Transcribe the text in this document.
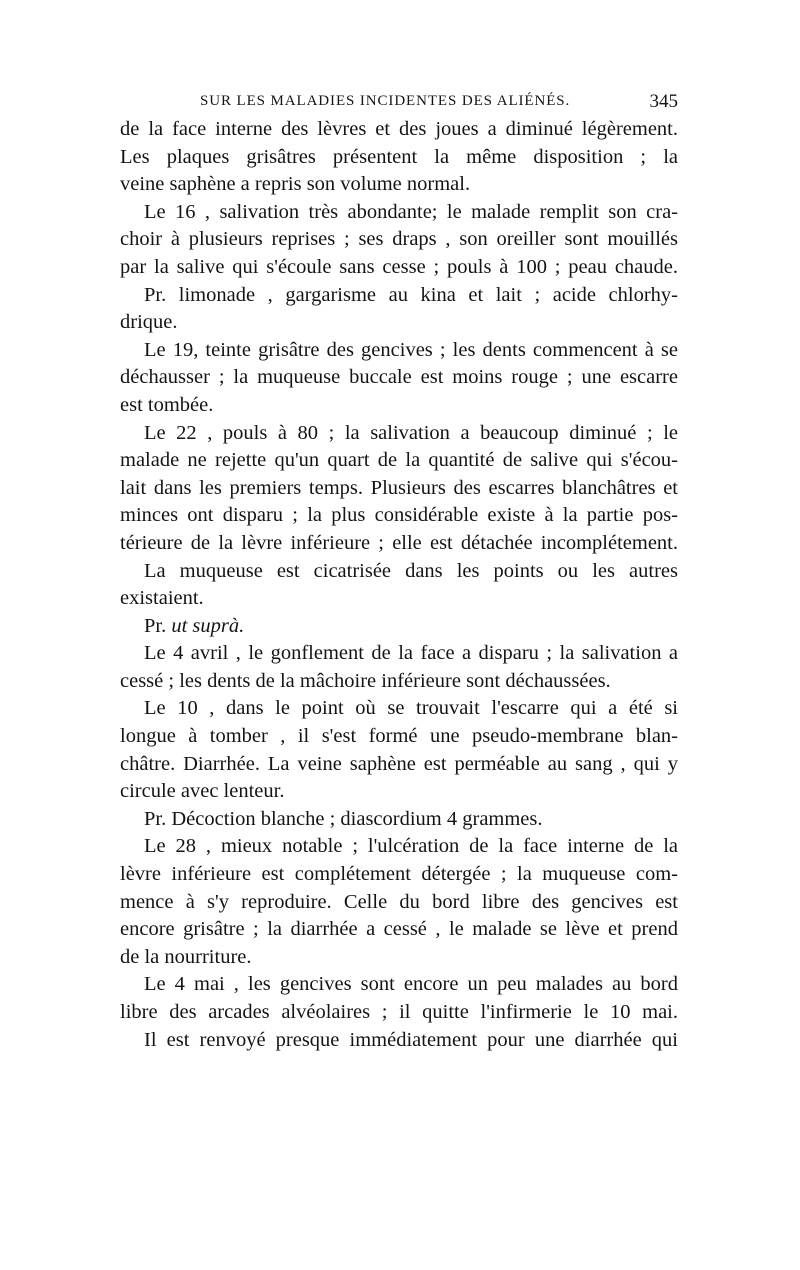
SUR LES MALADIES INCIDENTES DES ALIÉNÉS.	345
de la face interne des lèvres et des joues a diminué légèrement.
Les plaques grisâtres présentent la même disposition ; la
veine saphène a repris son volume normal.
Le 16 , salivation très abondante; le malade remplit son cra-
choir à plusieurs reprises ; ses draps , son oreiller sont mouillés
par la salive qui s'écoule sans cesse ; pouls à 100 ; peau chaude.
Pr. limonade , gargarisme au kina et lait ; acide chlorhy-
drique.
Le 19, teinte grisâtre des gencives ; les dents commencent à se
déchausser ; la muqueuse buccale est moins rouge ; une escarre
est tombée.
Le 22 , pouls à 80 ; la salivation a beaucoup diminué ; le
malade ne rejette qu'un quart de la quantité de salive qui s'écou-
lait dans les premiers temps. Plusieurs des escarres blanchâtres et
minces ont disparu ; la plus considérable existe à la partie pos-
térieure de la lèvre inférieure ; elle est détachée incomplétement.
La muqueuse est cicatrisée dans les points ou les autres
existaient.
Pr. ut suprà.
Le 4 avril , le gonflement de la face a disparu ; la salivation a
cessé ; les dents de la mâchoire inférieure sont déchaussées.
Le 10 , dans le point où se trouvait l'escarre qui a été si
longue à tomber , il s'est formé une pseudo-membrane blan-
châtre. Diarrhée. La veine saphène est perméable au sang , qui y
circule avec lenteur.
Pr. Décoction blanche ; diascordium 4 grammes.
Le 28 , mieux notable ; l'ulcération de la face interne de la
lèvre inférieure est complétement détergée ; la muqueuse com-
mence à s'y reproduire. Celle du bord libre des gencives est
encore grisâtre ; la diarrhée a cessé , le malade se lève et prend
de la nourriture.
Le 4 mai , les gencives sont encore un peu malades au bord
libre des arcades alvéolaires ; il quitte l'infirmerie le 10 mai.
Il est renvoyé presque immédiatement pour une diarrhée qui
